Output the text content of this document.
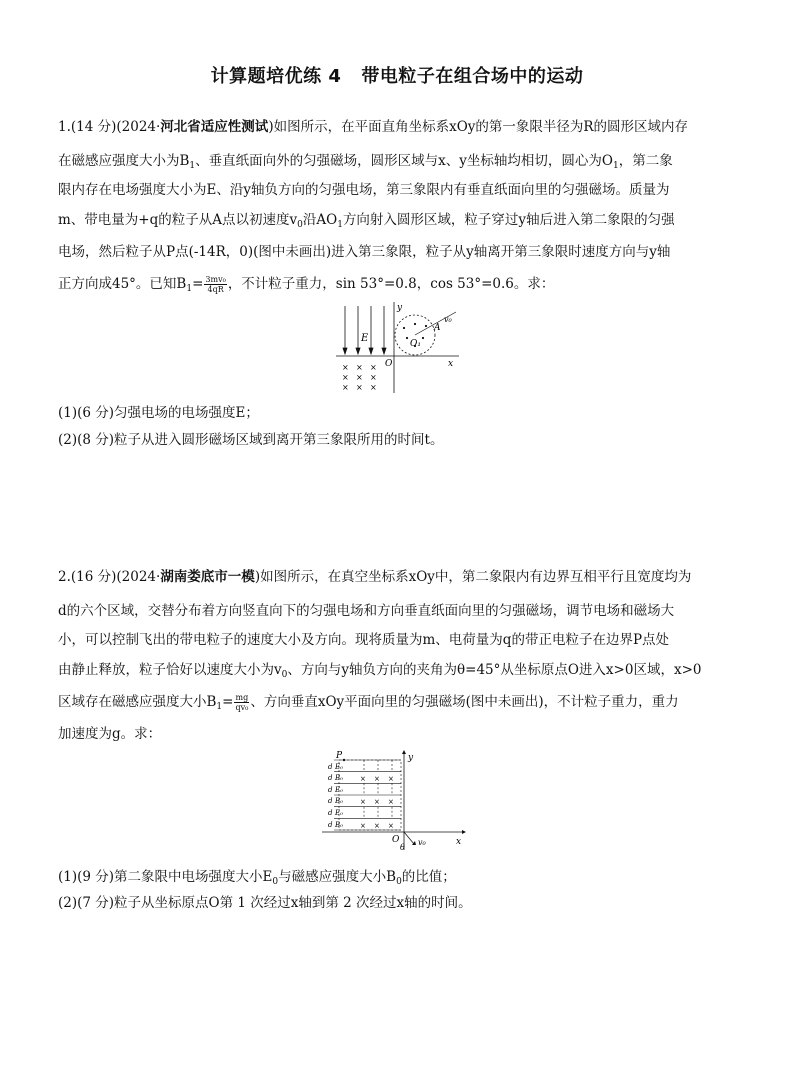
计算题培优练 4 带电粒子在组合场中的运动
1.(14 分)(2024·河北省适应性测试)如图所示，在平面直角坐标系xOy的第一象限半径为R的圆形区域内存
在磁感应强度大小为$B_1$、垂直纸面向外的匀强磁场，圆形区域与x、y坐标轴均相切，圆心为$O_1$，第二象
限内存在电场强度大小为E、沿y轴负方向的匀强电场，第三象限内有垂直纸面向里的匀强磁场。质量为
m、带电量为+q的粒子从A点以初速度$v_0$沿$AO_1$方向射入圆形区域，粒子穿过y轴后进入第二象限的匀强
电场，然后粒子从P点(-14R，0)(图中未画出)进入第三象限，粒子从y轴离开第三象限时速度方向与y轴
正方向成45°。已知$B_1= \frac{\text{3mv₀}}{4qR}$ ，不计粒子重力，sin 53°=0.8，cos 53°=0.6。求：
E	O₁
A
v₀
y
x
O
× × ×
× × ×
× × ×
(1)(6 分)匀强电场的电场强度E；
(2)(8 分)粒子从进入圆形磁场区域到离开第三象限所用的时间t。
2.(16 分)(2024·湖南娄底市一模)如图所示，在真空坐标系xOy中，第二象限内有边界互相平行且宽度均为
d的六个区域，交替分布着方向竖直向下的匀强电场和方向垂直纸面向里的匀强磁场，调节电场和磁场大
小，可以控制飞出的带电粒子的速度大小及方向。现将质量为m、电荷量为q的带正电粒子在边界P点处
由静止释放，粒子恰好以速度大小为$v_0$、方向与y轴负方向的夹角为θ=45°从坐标原点O进入x>0区域，x>0
区域存在磁感应强度大小$B_1= \frac{mg}{\text{qv₀}}$ 、方向垂直xOy平面向里的匀强磁场(图中未画出)，不计粒子重力，重力
加速度为g。求：
× × ×
× × ×
× × ×
d E₀
d B₀
d E₀
d B₀
d E₀
d B₀
P	y
x
O
θ
v₀
(1)(9 分)第二象限中电场强度大小$E_0$与磁感应强度大小$B_0$的比值；
(2)(7 分)粒子从坐标原点O第 1 次经过x轴到第 2 次经过x轴的时间。
